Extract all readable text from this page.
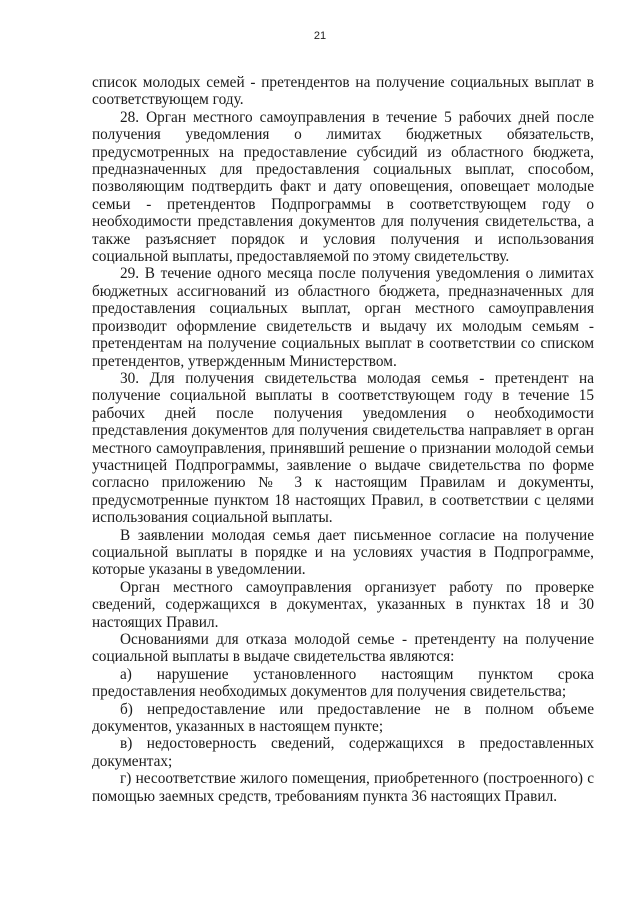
21

список молодых семей - претендентов на получение социальных выплат в соответствующем году.

28. Орган местного самоуправления в течение 5 рабочих дней после получения уведомления о лимитах бюджетных обязательств, предусмотренных на предоставление субсидий из областного бюджета, предназначенных для предоставления социальных выплат, способом, позволяющим подтвердить факт и дату оповещения, оповещает молодые семьи - претендентов Подпрограммы в соответствующем году о необходимости представления документов для получения свидетельства, а также разъясняет порядок и условия получения и использования социальной выплаты, предоставляемой по этому свидетельству.

29. В течение одного месяца после получения уведомления о лимитах бюджетных ассигнований из областного бюджета, предназначенных для предоставления социальных выплат, орган местного самоуправления производит оформление свидетельств и выдачу их молодым семьям - претендентам на получение социальных выплат в соответствии со списком претендентов, утвержденным Министерством.

30. Для получения свидетельства молодая семья - претендент на получение социальной выплаты в соответствующем году в течение 15 рабочих дней после получения уведомления о необходимости представления документов для получения свидетельства направляет в орган местного самоуправления, принявший решение о признании молодой семьи участницей Подпрограммы, заявление о выдаче свидетельства по форме согласно приложению № 3 к настоящим Правилам и документы, предусмотренные пунктом 18 настоящих Правил, в соответствии с целями использования социальной выплаты.

В заявлении молодая семья дает письменное согласие на получение социальной выплаты в порядке и на условиях участия в Подпрограмме, которые указаны в уведомлении.

Орган местного самоуправления организует работу по проверке сведений, содержащихся в документах, указанных в пунктах 18 и 30 настоящих Правил.

Основаниями для отказа молодой семье - претенденту на получение социальной выплаты в выдаче свидетельства являются:

а) нарушение установленного настоящим пунктом срока предоставления необходимых документов для получения свидетельства;

б) непредоставление или предоставление не в полном объеме документов, указанных в настоящем пункте;

в) недостоверность сведений, содержащихся в предоставленных документах;

г) несоответствие жилого помещения, приобретенного (построенного) с помощью заемных средств, требованиям пункта 36 настоящих Правил.
